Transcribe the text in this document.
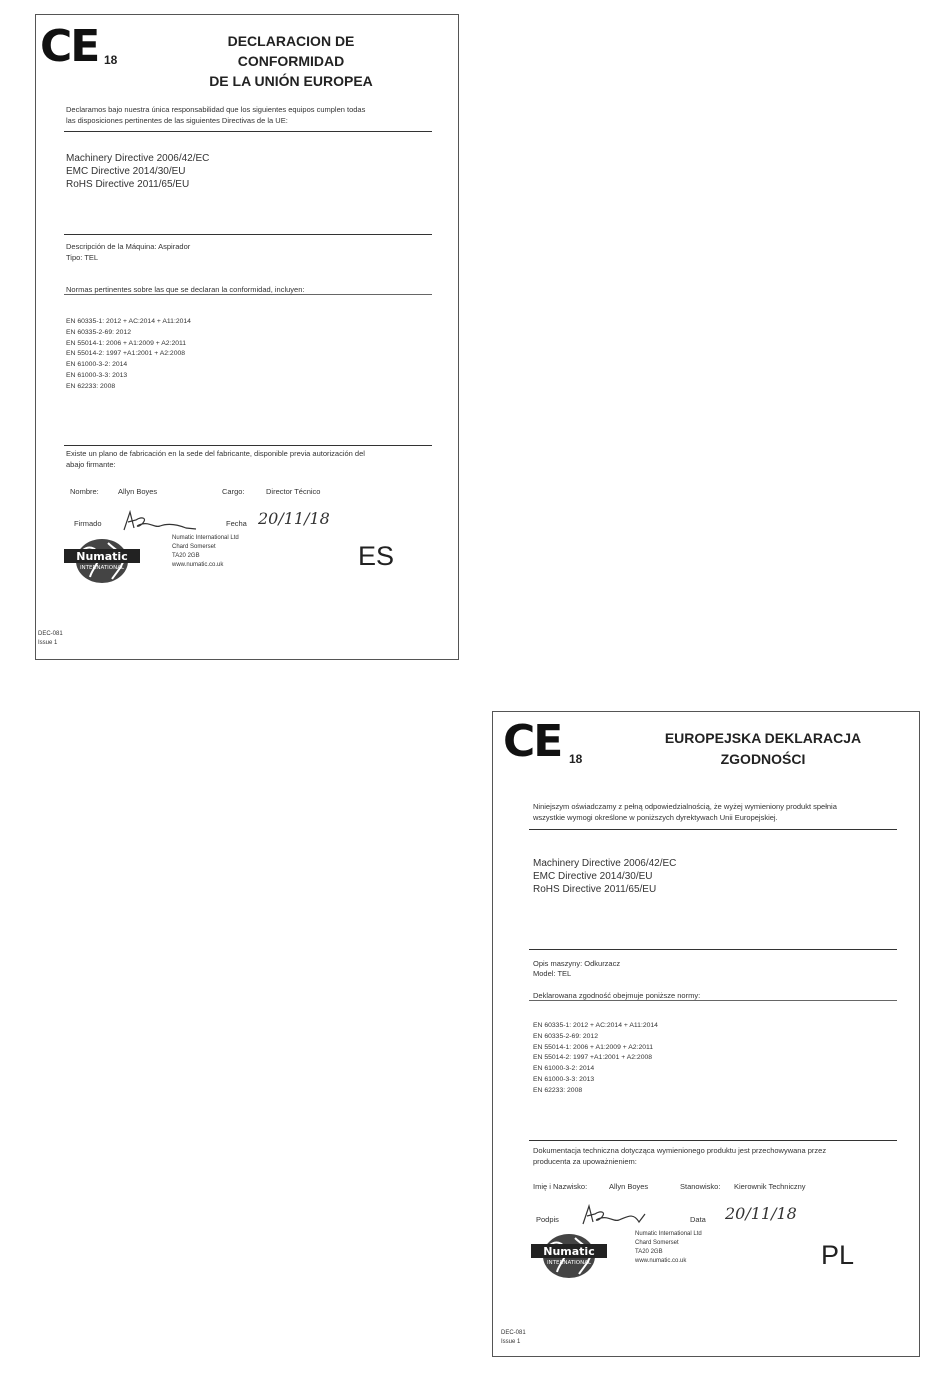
CE 18
DECLARACION DE
CONFORMIDAD
DE LA UNIÓN EUROPEA
Declaramos bajo nuestra única responsabilidad que los siguientes equipos cumplen todas
las disposiciones pertinentes de las siguientes Directivas de la UE:
Machinery Directive 2006/42/EC
EMC Directive 2014/30/EU
RoHS Directive 2011/65/EU
Descripción de la Máquina: Aspirador
Tipo: TEL
Normas pertinentes sobre las que se declaran la conformidad, incluyen:
EN 60335-1: 2012 + AC:2014 + A11:2014
EN 60335-2-69: 2012
EN 55014-1: 2006 + A1:2009 + A2:2011
EN 55014-2: 1997 +A1:2001 + A2:2008
EN 61000-3-2: 2014
EN 61000-3-3: 2013
EN 62233: 2008
Existe un plano de fabricación en la sede del fabricante, disponible previa autorización del
abajo firmante:
Nombre:	Allyn Boyes	Cargo:	Director Técnico
Firmado	Fecha 20/11/18
Numatic
INTERNATIONAL
Numatic International Ltd
Chard Somerset
TA20 2GB
www.numatic.co.uk	ES
DEC-081
Issue 1
CE 18
EUROPEJSKA DEKLARACJA
ZGODNOŚCI
Niniejszym oświadczamy z pełną odpowiedzialnością, że wyżej wymieniony produkt spełnia
wszystkie wymogi określone w poniższych dyrektywach Unii Europejskiej.
Machinery Directive 2006/42/EC
EMC Directive 2014/30/EU
RoHS Directive 2011/65/EU
Opis maszyny: Odkurzacz
Model: TEL
Deklarowana zgodność obejmuje poniższe normy:
EN 60335-1: 2012 + AC:2014 + A11:2014
EN 60335-2-69: 2012
EN 55014-1: 2006 + A1:2009 + A2:2011
EN 55014-2: 1997 +A1:2001 + A2:2008
EN 61000-3-2: 2014
EN 61000-3-3: 2013
EN 62233: 2008
Dokumentacja techniczna dotycząca wymienionego produktu jest przechowywana przez
producenta za upoważnieniem:
Imię i Nazwisko:	Allyn Boyes	Stanowisko: Kierownik Techniczny
Podpis	Data 20/11/18
Numatic
INTERNATIONAL
Numatic International Ltd
Chard Somerset
TA20 2GB
www.numatic.co.uk	PL
DEC-081
Issue 1
